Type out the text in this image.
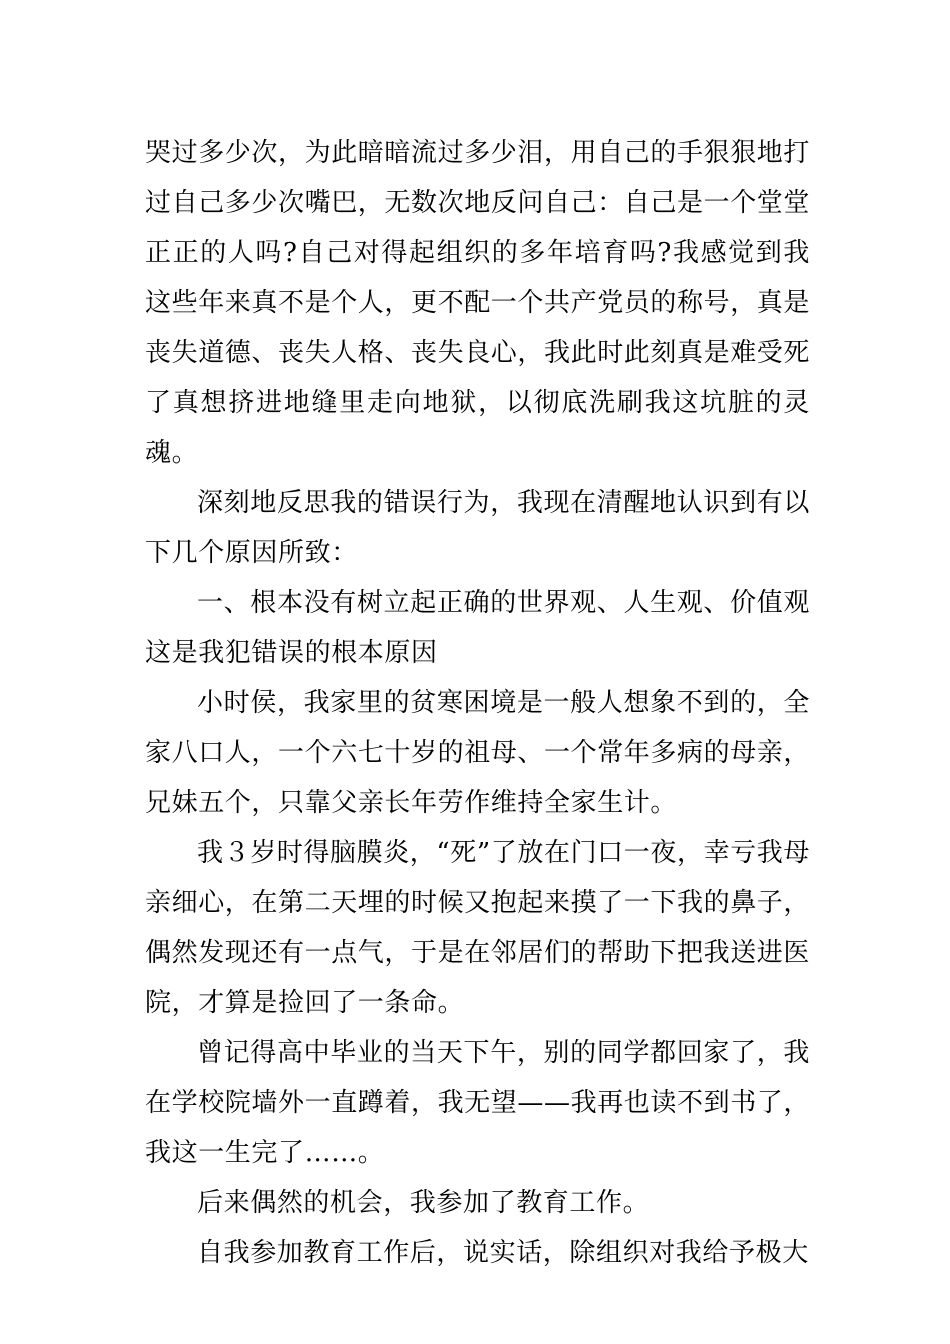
哭过多少次，为此暗暗流过多少泪，用自己的手狠狠地打过自己多少次嘴巴，无数次地反问自己：自己是一个堂堂正正的人吗?自己对得起组织的多年培育吗?我感觉到我这些年来真不是个人，更不配一个共产党员的称号，真是丧失道德、丧失人格、丧失良心，我此时此刻真是难受死了真想挤进地缝里走向地狱，以彻底洗刷我这坑脏的灵魂。

深刻地反思我的错误行为，我现在清醒地认识到有以下几个原因所致：

一、根本没有树立起正确的世界观、人生观、价值观这是我犯错误的根本原因

小时侯，我家里的贫寒困境是一般人想象不到的，全家八口人，一个六七十岁的祖母、一个常年多病的母亲，兄妹五个，只靠父亲长年劳作维持全家生计。

我３岁时得脑膜炎，“死”了放在门口一夜，幸亏我母亲细心，在第二天埋的时候又抱起来摸了一下我的鼻子，偶然发现还有一点气，于是在邻居们的帮助下把我送进医院，才算是捡回了一条命。

曾记得高中毕业的当天下午，别的同学都回家了，我在学校院墙外一直蹲着，我无望——我再也读不到书了，我这一生完了……。

后来偶然的机会，我参加了教育工作。

自我参加教育工作后，说实话，除组织对我给予极大
